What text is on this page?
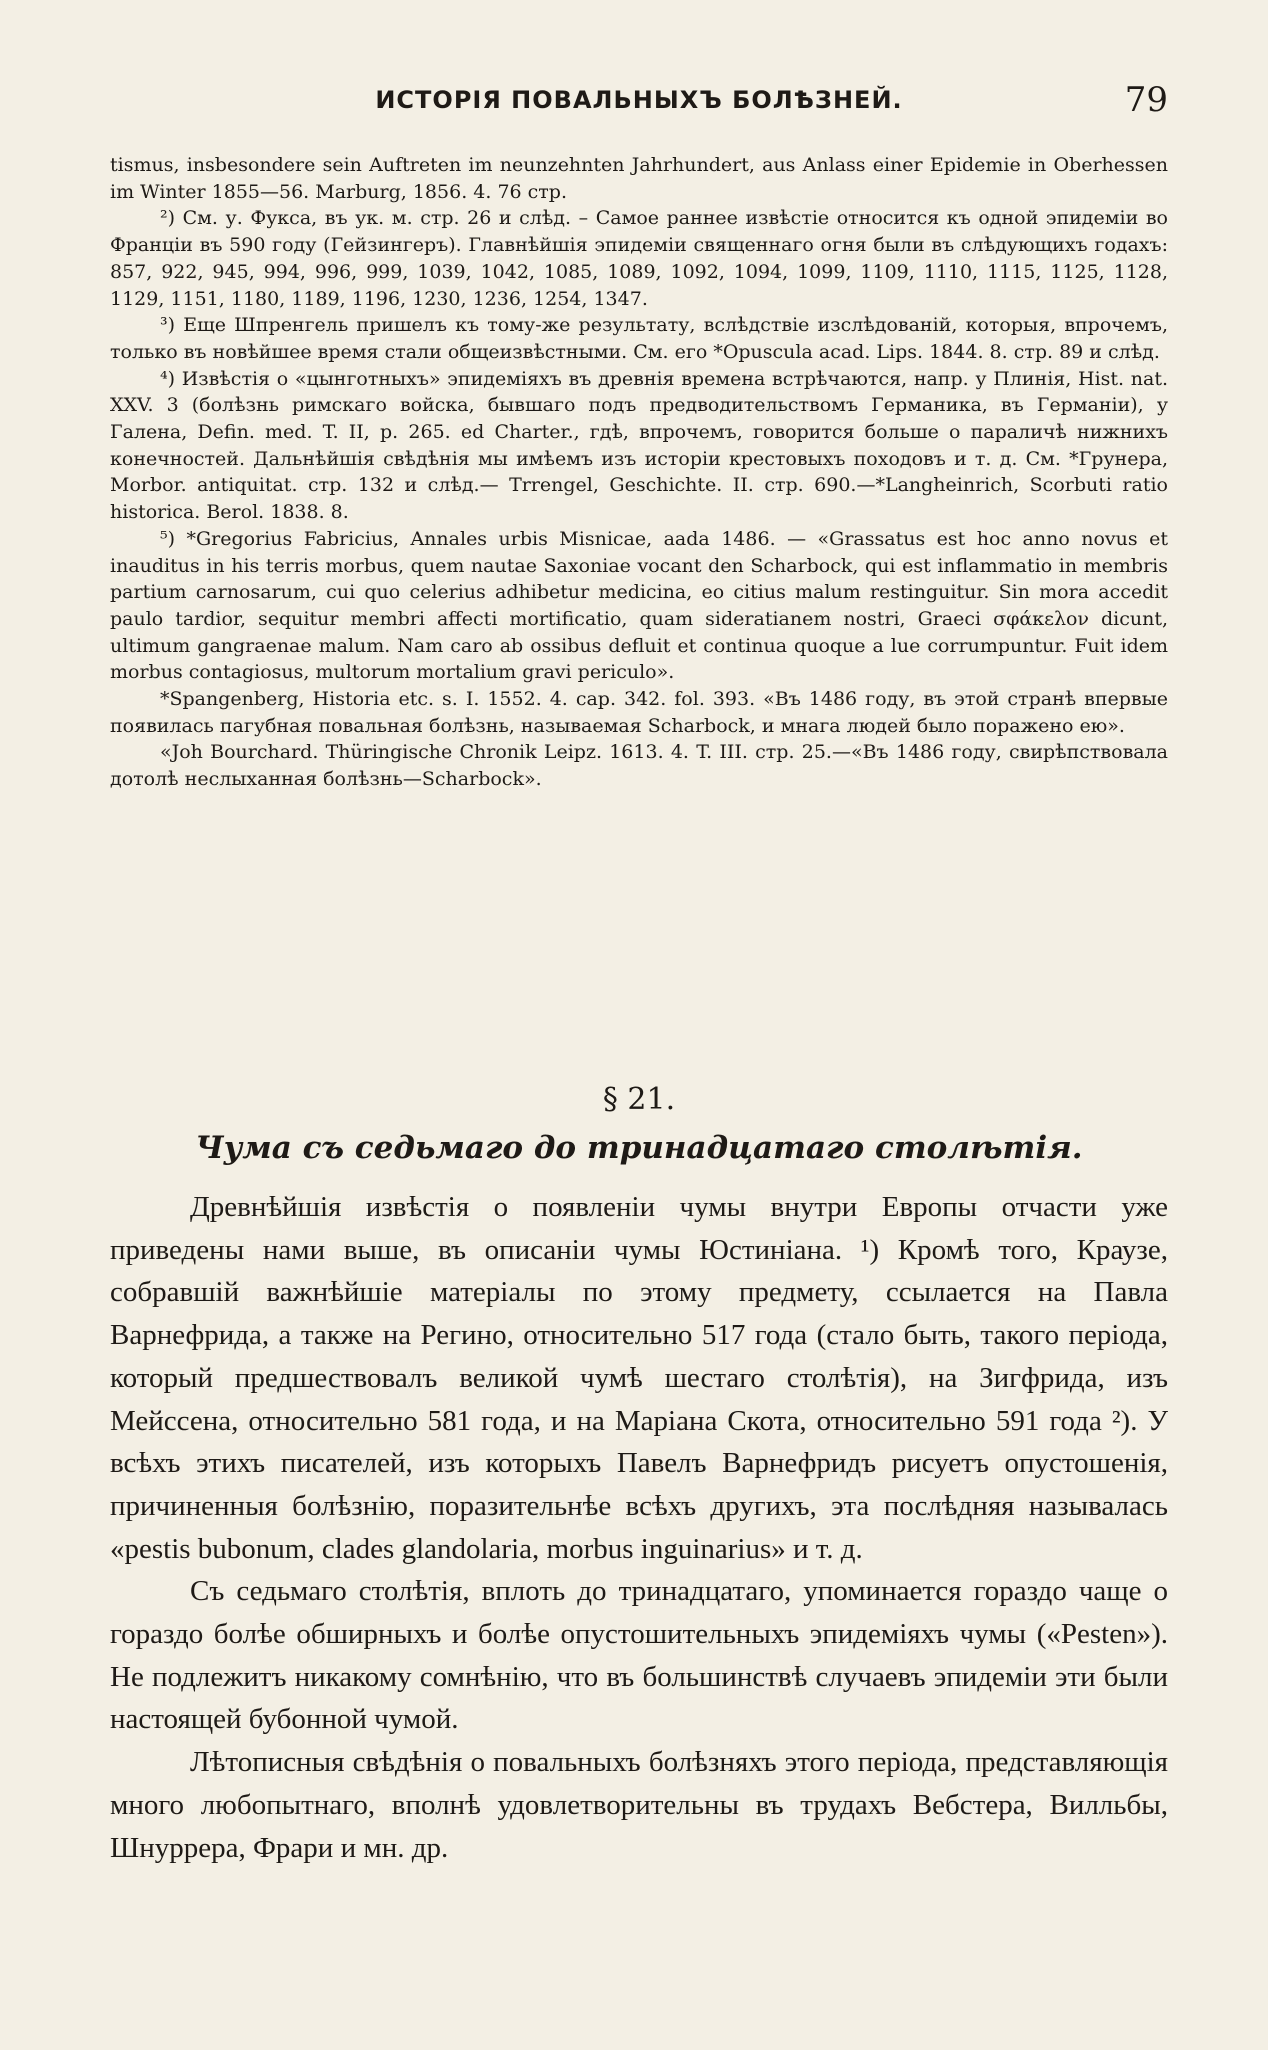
ИСТОРІЯ ПОВАЛЬНЫХЪ БОЛѢЗНЕЙ.	79

tismus, insbesondere sein Auftreten im neunzehnten Jahrhundert, aus Anlass einer Epidemie in Oberhessen im Winter 1855—56. Marburg, 1856. 4. 76 стр.

²) См. у. Фукса, въ ук. м. стр. 26 и слѣд. – Самое раннее извѣстіе относится къ одной эпидеміи во Франціи въ 590 году (Гейзингеръ). Главнѣйшія эпидеміи священнаго огня были въ слѣдующихъ годахъ: 857, 922, 945, 994, 996, 999, 1039, 1042, 1085, 1089, 1092, 1094, 1099, 1109, 1110, 1115, 1125, 1128, 1129, 1151, 1180, 1189, 1196, 1230, 1236, 1254, 1347.

³) Еще Шпренгель пришелъ къ тому-же результату, вслѣдствіе изслѣдованій, которыя, впрочемъ, только въ новѣйшее время стали общеизвѣстными. См. его *Opuscula acad. Lips. 1844. 8. стр. 89 и слѣд.

⁴) Извѣстія о «цынготныхъ» эпидеміяхъ въ древнія времена встрѣчаются, напр. у Плинія, Hist. nat. XXV. 3 (болѣзнь римскаго войска, бывшаго подъ предводительствомъ Германика, въ Германіи), у Галена, Defin. med. T. II, p. 265. ed Charter., гдѣ, впрочемъ, говорится больше о параличѣ нижнихъ конечностей. Дальнѣйшія свѣдѣнія мы имѣемъ изъ исторіи крестовыхъ походовъ и т. д. См. *Грунера, Morbor. antiquitat. стр. 132 и слѣд.— Trrengel, Geschichte. II. стр. 690.—*Langheinrich, Scorbuti ratio historica. Berol. 1838. 8.

⁵) *Gregorius Fabricius, Annales urbis Misnicae, aada 1486. — «Grassatus est hoc anno novus et inauditus in his terris morbus, quem nautae Saxoniae vocant den Scharbock, qui est inflammatio in membris partium carnosarum, cui quo celerius adhibetur medicina, eo citius malum restinguitur. Sin mora accedit paulo tardior, sequitur membri affecti mortificatio, quam sideratianem nostri, Graeci σφάκελον dicunt, ultimum gangraenae malum. Nam caro ab ossibus defluit et continua quoque a lue corrumpuntur. Fuit idem morbus contagiosus, multorum mortalium gravi periculo».

*Spangenberg, Historia etc. s. I. 1552. 4. cap. 342. fol. 393. «Въ 1486 году, въ этой странѣ впервые появилась пагубная повальная болѣзнь, называемая Scharbock, и мнага людей было поражено ею».

«Joh Bourchard. Thüringische Chronik Leipz. 1613. 4. T. III. стр. 25.—«Въ 1486 году, свирѣпствовала дотолѣ неслыханная болѣзнь—Scharbock».

§ 21.
Чума съ седьмаго до тринадцатаго столѣтія.

Древнѣйшія извѣстія о появленіи чумы внутри Европы отчасти уже приведены нами выше, въ описаніи чумы Юстиніана. ¹) Кромѣ того, Краузе, собравшій важнѣйшіе матеріалы по этому предмету, ссылается на Павла Варнефрида, а также на Регино, относительно 517 года (стало быть, такого періода, который предшествовалъ великой чумѣ шестаго столѣтія), на Зигфрида, изъ Мейссена, относительно 581 года, и на Маріана Скота, относительно 591 года ²). У всѣхъ этихъ писателей, изъ которыхъ Павелъ Варнефридъ рисуетъ опустошенія, причиненныя болѣзнію, поразительнѣе всѣхъ другихъ, эта послѣдняя называлась «pestis bubonum, clades glandolaria, morbus inguinarius» и т. д.

Съ седьмаго столѣтія, вплоть до тринадцатаго, упоминается гораздо чаще о гораздо болѣе обширныхъ и болѣе опустошительныхъ эпидеміяхъ чумы («Pesten»). Не подлежитъ никакому сомнѣнію, что въ большинствѣ случаевъ эпидеміи эти были настоящей бубонной чумой.

Лѣтописныя свѣдѣнія о повальныхъ болѣзняхъ этого періода, представляющія много любопытнаго, вполнѣ удовлетворительны въ трудахъ Вебстера, Вилльбы, Шнуррера, Фрари и мн. др.
